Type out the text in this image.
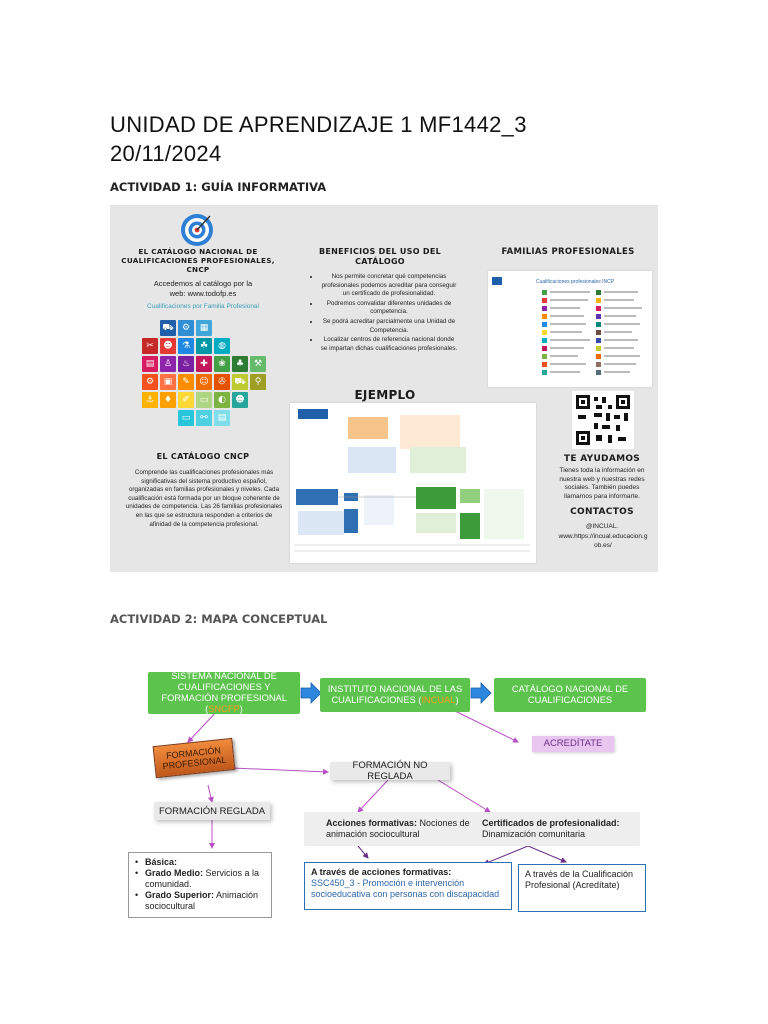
UNIDAD DE APRENDIZAJE 1 MF1442_3
20/11/2024
ACTIVIDAD 1: GUÍA INFORMATIVA
EL CATÁLOGO NACIONAL DE CUALIFICACIONES PROFESIONALES, CNCP
Accedemos al catálogo por la
web: www.todofp.es
Cualificaciones por Familia Profesional
⛟ ⚙	▦
✂	☻	⚗	☘	◍
▤	♙	♨	✚	❀	♣	⚒
⚙	▣	✎	☺	✇ ⛟	⚲
⚓	♦	✐	▭	◐	☻
▭	⚯	▤
EL CATÁLOGO CNCP
Comprende las cualificaciones profesionales más significativas del sistema productivo español, organizadas en familias profesionales y niveles. Cada cualificación está formada por un bloque coherente de unidades de competencia. Las 26 familias profesionales en las que se estructura responden a criterios de afinidad de la competencia profesional.
BENEFICIOS DEL USO DEL CATÁLOGO
• Nos permite concretar qué competencias profesionales podemos acreditar para conseguir un certificado de profesionalidad.
• Podremos convalidar diferentes unidades de competencia.
• Se podrá acreditar parcialmente una Unidad de Competencia.
• Localizar centros de referencia nacional donde se impartan dichas cualificaciones profesionales.
EJEMPLO
FAMILIAS PROFESIONALES
Cualificaciones profesionales INCP
TE AYUDAMOS
Tienes toda la información en nuestra web y nuestras redes sociales. También puedes llamarnos para informarte.
CONTACTOS
@INCUAL.
www.https://incual.educacion.gob.es/
ACTIVIDAD 2: MAPA CONCEPTUAL
SISTEMA NACIONAL DE CUALIFICACIONES Y FORMACIÓN PROFESIONAL (SNCFP)
INSTITUTO NACIONAL DE LAS CUALIFICACIONES (INCUAL)
CATÁLOGO NACIONAL DE CUALIFICACIONES
ACREDÍTATE
FORMACIÓN PROFESIONAL	FORMACIÓN NO REGLADA
FORMACIÓN REGLADA
Acciones formativas: Nociones de animación sociocultural
Certificados de profesionalidad: Dinamización comunitaria
• Básica:
• Grado Medio: Servicios a la comunidad.
• Grado Superior: Animación sociocultural
A través de acciones formativas:
SSC450_3 - Promoción e intervención socioeducativa con personas con discapacidad
A través de la Cualificación Profesional (Acredítate)
